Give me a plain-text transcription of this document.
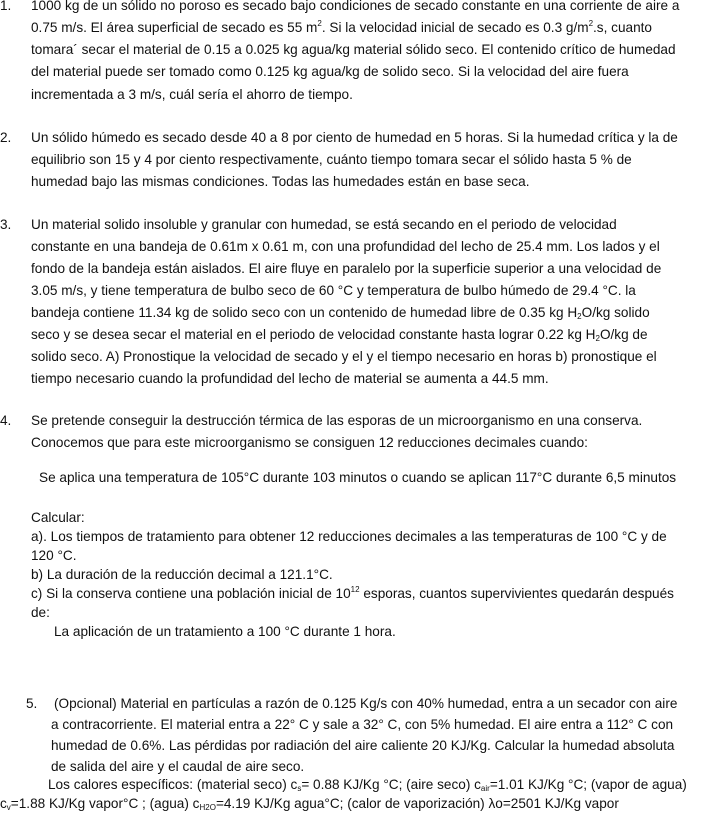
1. 1000 kg de un sólido no poroso es secado bajo condiciones de secado constante en una corriente de aire a
0.75 m/s. El área superficial de secado es 55 $m^2$. Si la velocidad inicial de secado es 0.3 $g/m^2.s$, cuanto
tomara´ secar el material de 0.15 a 0.025 kg agua/kg material sólido seco. El contenido crítico de humedad
del material puede ser tomado como 0.125 kg agua/kg de solido seco. Si la velocidad del aire fuera
incrementada a 3 m/s, cuál sería el ahorro de tiempo.
2. Un sólido húmedo es secado desde 40 a 8 por ciento de humedad en 5 horas. Si la humedad crítica y la de
equilibrio son 15 y 4 por ciento respectivamente, cuánto tiempo tomara secar el sólido hasta 5 % de
humedad bajo las mismas condiciones. Todas las humedades están en base seca.
3. Un material solido insoluble y granular con humedad, se está secando en el periodo de velocidad
constante en una bandeja de 0.61m x 0.61 m, con una profundidad del lecho de 25.4 mm. Los lados y el
fondo de la bandeja están aislados. El aire fluye en paralelo por la superficie superior a una velocidad de
3.05 m/s, y tiene temperatura de bulbo seco de 60 °C y temperatura de bulbo húmedo de 29.4 °C. la
bandeja contiene 11.34 kg de solido seco con un contenido de humedad libre de 0.35 kg $H_2O/kg$ solido
seco y se desea secar el material en el periodo de velocidad constante hasta lograr 0.22 kg $H_2O/kg$ de
solido seco. A) Pronostique la velocidad de secado y el y el tiempo necesario en horas b) pronostique el
tiempo necesario cuando la profundidad del lecho de material se aumenta a 44.5 mm.
4. Se pretende conseguir la destrucción térmica de las esporas de un microorganismo en una conserva.
Conocemos que para este microorganismo se consiguen 12 reducciones decimales cuando:
Se aplica una temperatura de 105°C durante 103 minutos o cuando se aplican 117°C durante 6,5 minutos
Calcular:
a). Los tiempos de tratamiento para obtener 12 reducciones decimales a las temperaturas de 100 °C y de
120 °C.
b) La duración de la reducción decimal a 121.1°C.
c) Si la conserva contiene una población inicial de $10^{12}$ esporas, cuantos supervivientes quedarán después
de:
La aplicación de un tratamiento a 100 °C durante 1 hora.
5. (Opcional) Material en partículas a razón de 0.125 Kg/s con 40% humedad, entra a un secador con aire
a contracorriente. El material entra a 22° C y sale a 32° C, con 5% humedad. El aire entra a 112° C con
humedad de 0.6%. Las pérdidas por radiación del aire caliente 20 KJ/Kg. Calcular la humedad absoluta
de salida del aire y el caudal de aire seco.
Los calores específicos: (material seco) $c_s= 0.88$ KJ/Kg °C; (aire seco) $c_{air}=1.01$ KJ/Kg °C; (vapor de agua)
$c_v=1.88$ KJ/Kg vapor°C ; (agua) $c_{H2O}=4.19$ KJ/Kg agua°C; (calor de vaporización) λo=2501 KJ/Kg vapor
